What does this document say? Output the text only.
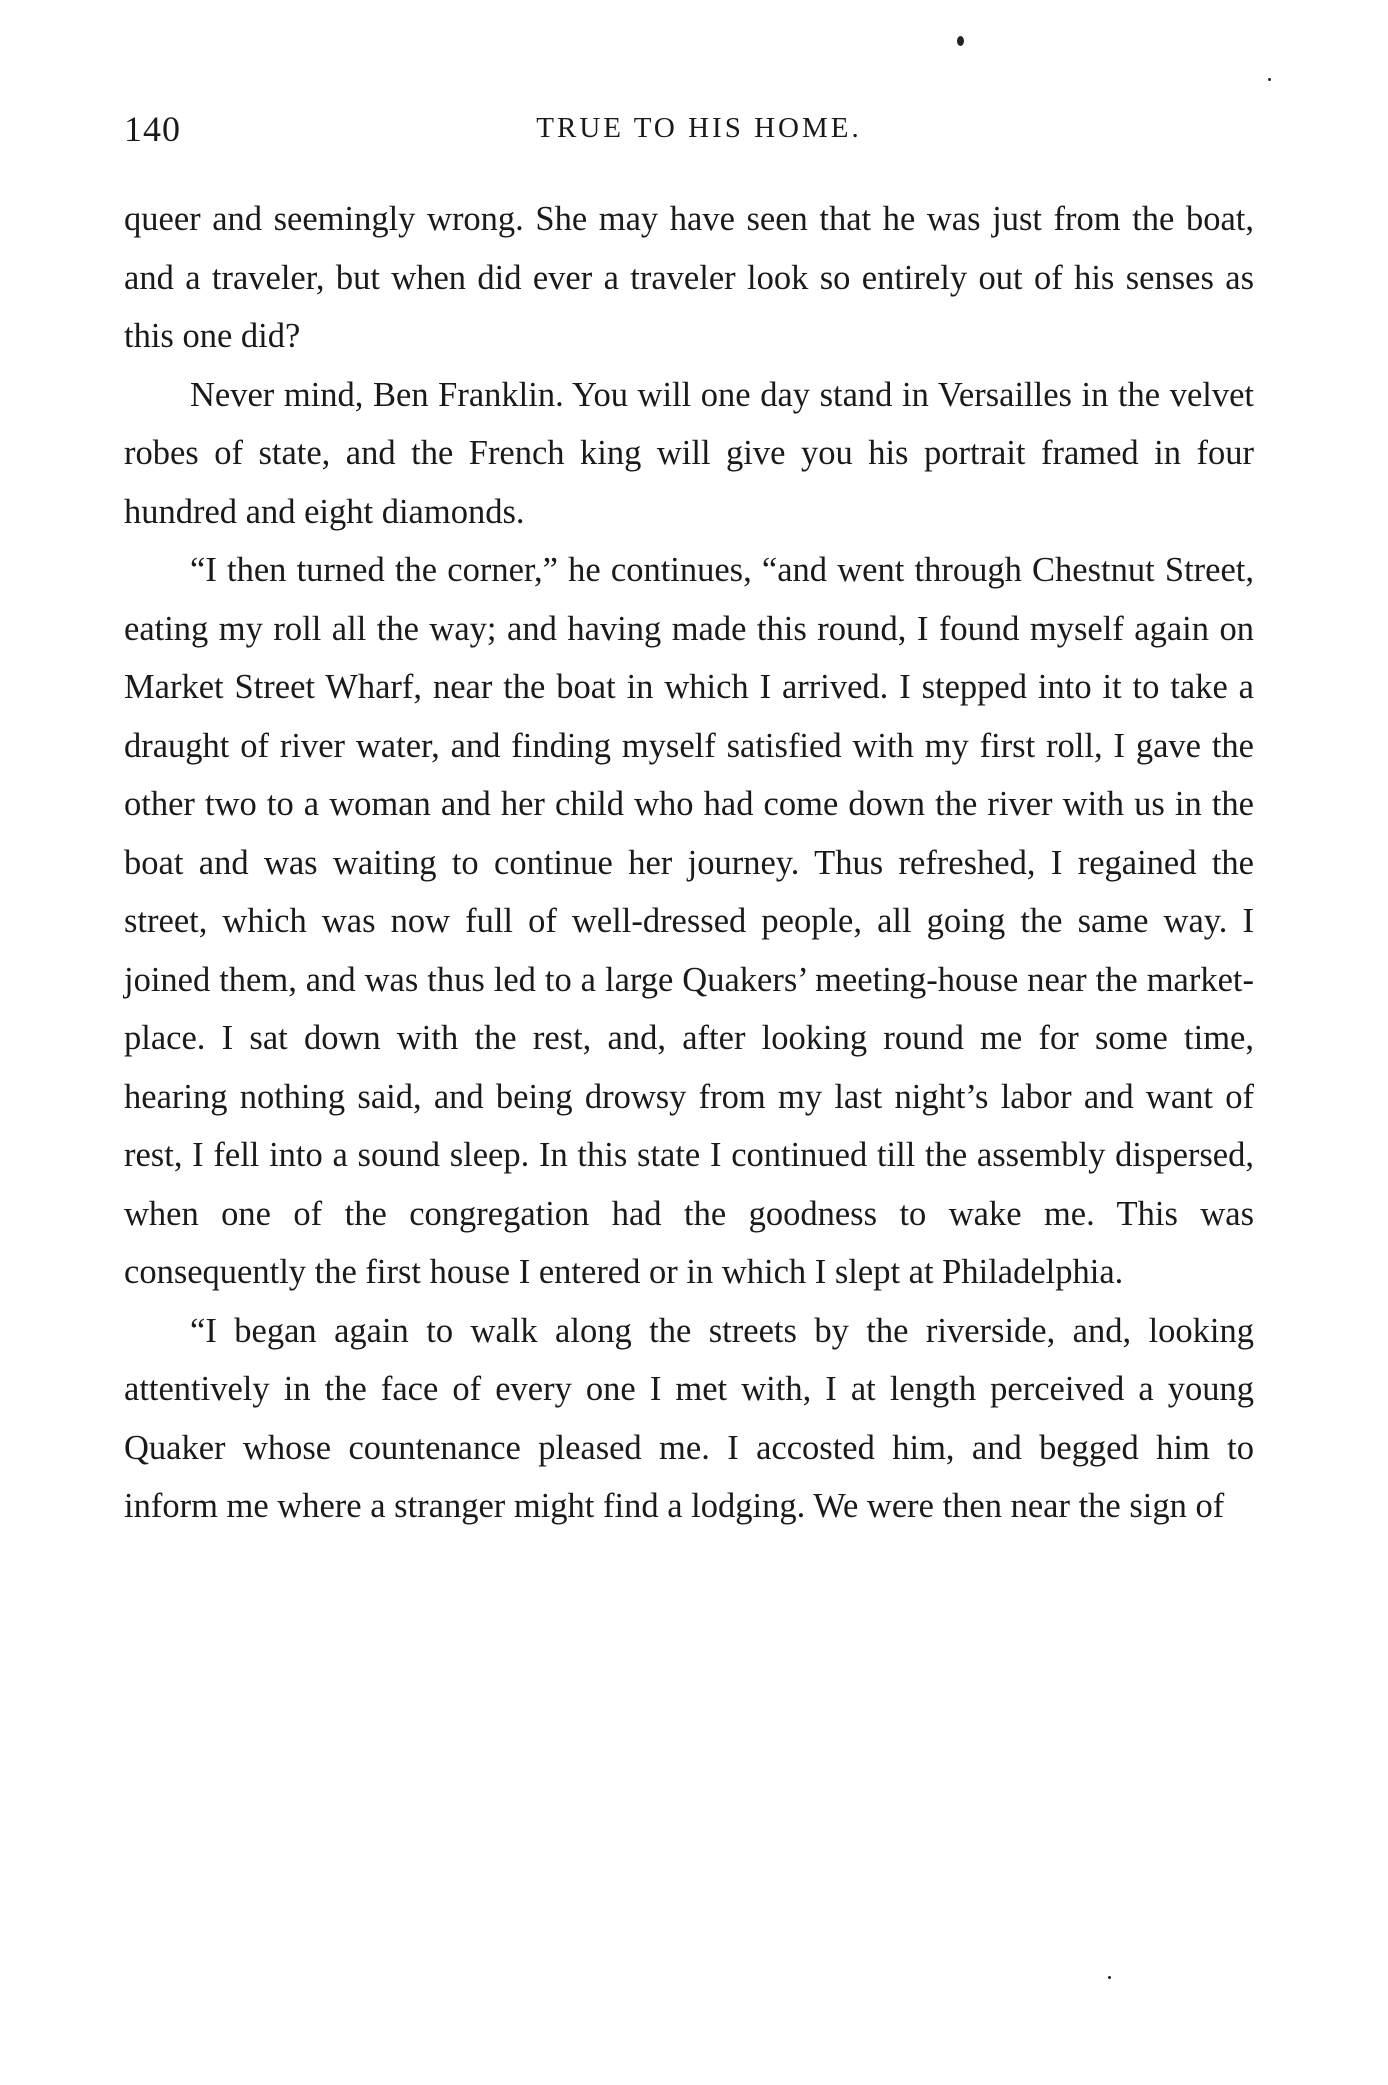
140	TRUE TO HIS HOME.

queer and seemingly wrong. She may have seen that he was just from the boat, and a traveler, but when did ever a traveler look so entirely out of his senses as this one did?

Never mind, Ben Franklin. You will one day stand in Versailles in the velvet robes of state, and the French king will give you his portrait framed in four hundred and eight diamonds.

“I then turned the corner,” he continues, “and went through Chestnut Street, eating my roll all the way; and having made this round, I found myself again on Market Street Wharf, near the boat in which I arrived. I stepped into it to take a draught of river water, and finding myself satisfied with my first roll, I gave the other two to a woman and her child who had come down the river with us in the boat and was waiting to continue her journey. Thus refreshed, I regained the street, which was now full of well-dressed people, all going the same way. I joined them, and was thus led to a large Quakers’ meeting-house near the market-place. I sat down with the rest, and, after looking round me for some time, hearing nothing said, and being drowsy from my last night’s labor and want of rest, I fell into a sound sleep. In this state I continued till the assembly dispersed, when one of the congregation had the goodness to wake me. This was consequently the first house I entered or in which I slept at Philadelphia.

“I began again to walk along the streets by the riverside, and, looking attentively in the face of every one I met with, I at length perceived a young Quaker whose countenance pleased me. I accosted him, and begged him to inform me where a stranger might find a lodging. We were then near the sign of
